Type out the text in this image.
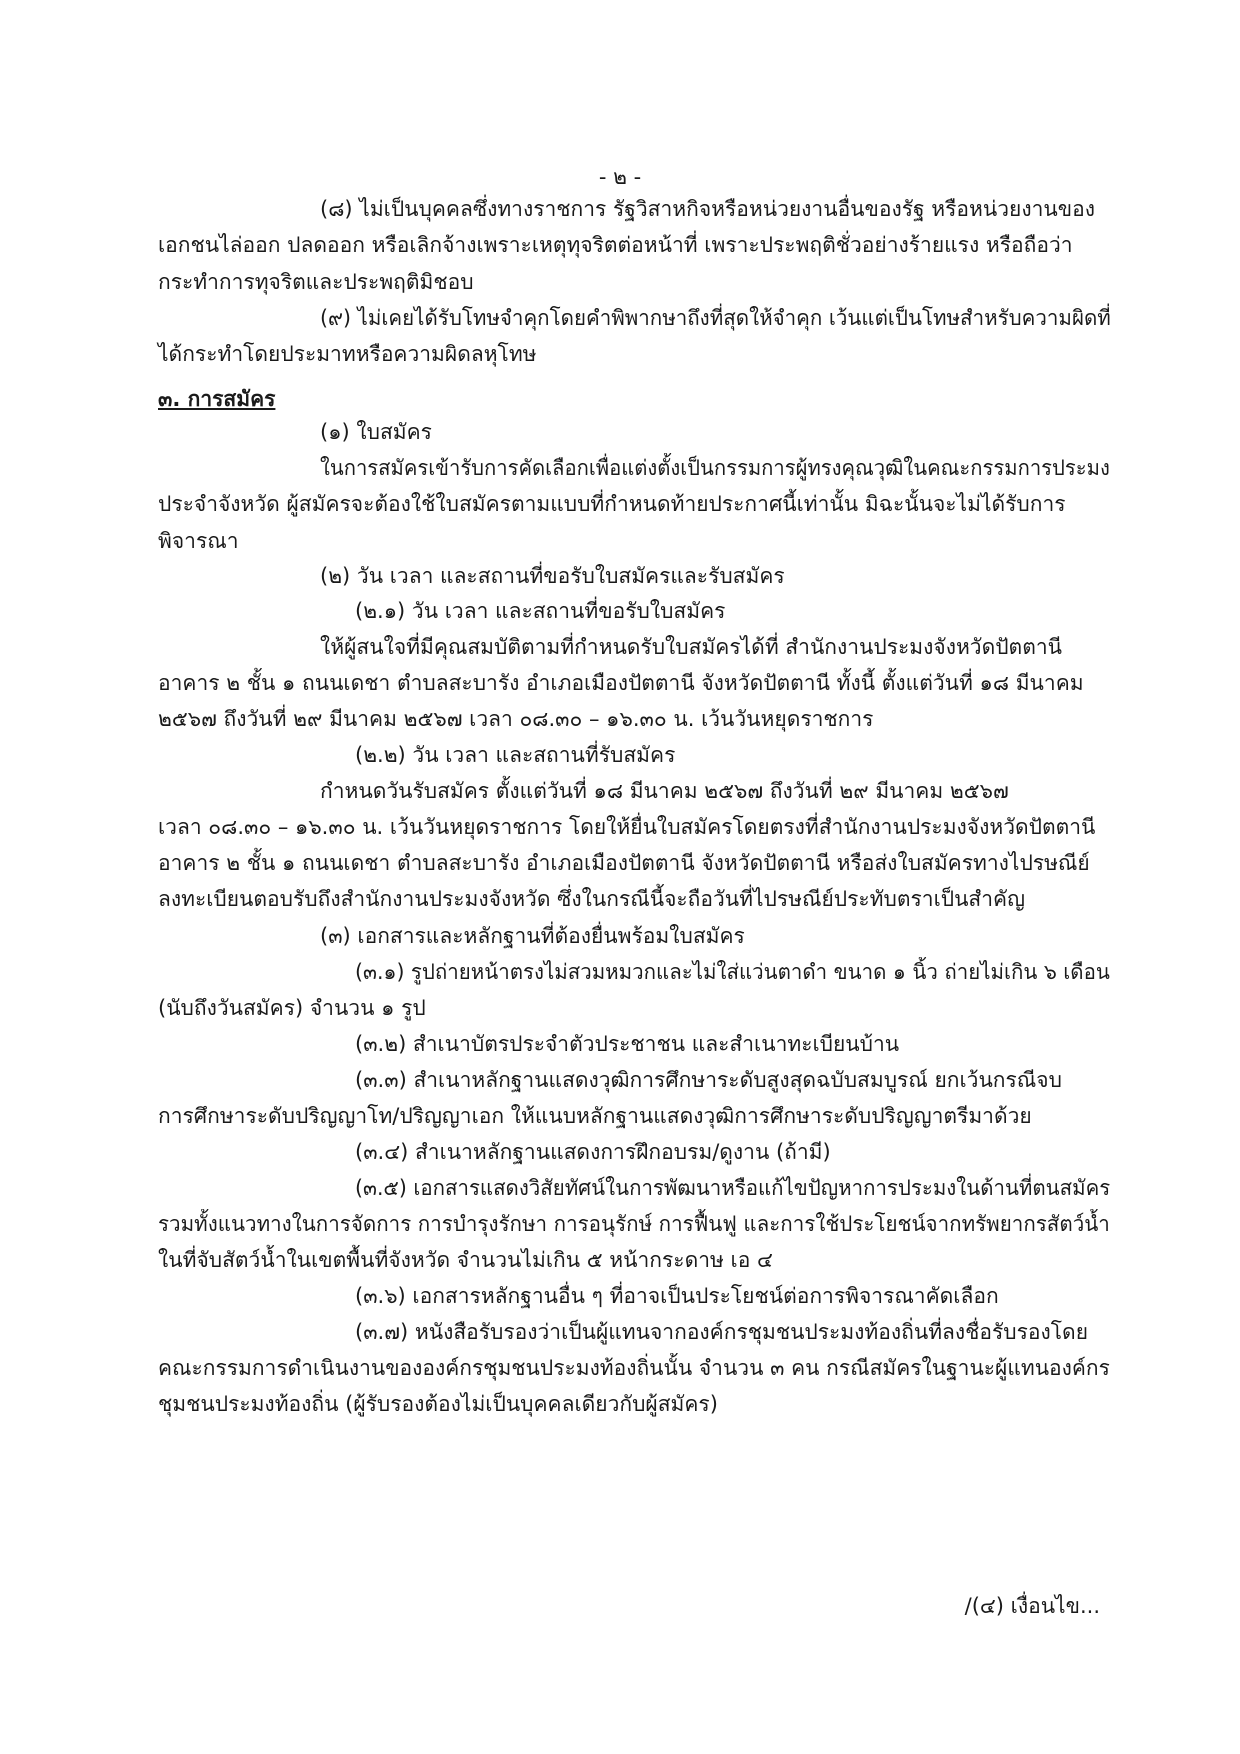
- ๒ -
(๘) ไม่เป็นบุคคลซึ่งทางราชการ รัฐวิสาหกิจหรือหน่วยงานอื่นของรัฐ หรือหน่วยงานของ
เอกชนไล่ออก ปลดออก หรือเลิกจ้างเพราะเหตุทุจริตต่อหน้าที่ เพราะประพฤติชั่วอย่างร้ายแรง หรือถือว่า
กระทำการทุจริตและประพฤติมิชอบ
(๙) ไม่เคยได้รับโทษจำคุกโดยคำพิพากษาถึงที่สุดให้จำคุก เว้นแต่เป็นโทษสำหรับความผิดที่
ได้กระทำโดยประมาทหรือความผิดลหุโทษ
๓. การสมัคร
(๑) ใบสมัคร
ในการสมัครเข้ารับการคัดเลือกเพื่อแต่งตั้งเป็นกรรมการผู้ทรงคุณวุฒิในคณะกรรมการประมง
ประจำจังหวัด ผู้สมัครจะต้องใช้ใบสมัครตามแบบที่กำหนดท้ายประกาศนี้เท่านั้น มิฉะนั้นจะไม่ได้รับการ
พิจารณา
(๒) วัน เวลา และสถานที่ขอรับใบสมัครและรับสมัคร
(๒.๑) วัน เวลา และสถานที่ขอรับใบสมัคร
ให้ผู้สนใจที่มีคุณสมบัติตามที่กำหนดรับใบสมัครได้ที่ สำนักงานประมงจังหวัดปัตตานี
อาคาร ๒ ชั้น ๑ ถนนเดชา ตำบลสะบารัง อำเภอเมืองปัตตานี จังหวัดปัตตานี ทั้งนี้ ตั้งแต่วันที่ ๑๘ มีนาคม
๒๕๖๗ ถึงวันที่ ๒๙ มีนาคม ๒๕๖๗ เวลา ๐๘.๓๐ – ๑๖.๓๐ น. เว้นวันหยุดราชการ
(๒.๒) วัน เวลา และสถานที่รับสมัคร
กำหนดวันรับสมัคร ตั้งแต่วันที่ ๑๘ มีนาคม ๒๕๖๗ ถึงวันที่ ๒๙ มีนาคม ๒๕๖๗
เวลา ๐๘.๓๐ – ๑๖.๓๐ น. เว้นวันหยุดราชการ โดยให้ยื่นใบสมัครโดยตรงที่สำนักงานประมงจังหวัดปัตตานี
อาคาร ๒ ชั้น ๑ ถนนเดชา ตำบลสะบารัง อำเภอเมืองปัตตานี จังหวัดปัตตานี หรือส่งใบสมัครทางไปรษณีย์
ลงทะเบียนตอบรับถึงสำนักงานประมงจังหวัด ซึ่งในกรณีนี้จะถือวันที่ไปรษณีย์ประทับตราเป็นสำคัญ
(๓) เอกสารและหลักฐานที่ต้องยื่นพร้อมใบสมัคร
(๓.๑) รูปถ่ายหน้าตรงไม่สวมหมวกและไม่ใส่แว่นตาดำ ขนาด ๑ นิ้ว ถ่ายไม่เกิน ๖ เดือน
(นับถึงวันสมัคร) จำนวน ๑ รูป
(๓.๒) สำเนาบัตรประจำตัวประชาชน และสำเนาทะเบียนบ้าน
(๓.๓) สำเนาหลักฐานแสดงวุฒิการศึกษาระดับสูงสุดฉบับสมบูรณ์ ยกเว้นกรณีจบ
การศึกษาระดับปริญญาโท/ปริญญาเอก ให้แนบหลักฐานแสดงวุฒิการศึกษาระดับปริญญาตรีมาด้วย
(๓.๔) สำเนาหลักฐานแสดงการฝึกอบรม/ดูงาน (ถ้ามี)
(๓.๕) เอกสารแสดงวิสัยทัศน์ในการพัฒนาหรือแก้ไขปัญหาการประมงในด้านที่ตนสมัคร
รวมทั้งแนวทางในการจัดการ การบำรุงรักษา การอนุรักษ์ การฟื้นฟู และการใช้ประโยชน์จากทรัพยากรสัตว์น้ำ
ในที่จับสัตว์น้ำในเขตพื้นที่จังหวัด จำนวนไม่เกิน ๕ หน้ากระดาษ เอ ๔
(๓.๖) เอกสารหลักฐานอื่น ๆ ที่อาจเป็นประโยชน์ต่อการพิจารณาคัดเลือก
(๓.๗) หนังสือรับรองว่าเป็นผู้แทนจากองค์กรชุมชนประมงท้องถิ่นที่ลงชื่อรับรองโดย
คณะกรรมการดำเนินงานขององค์กรชุมชนประมงท้องถิ่นนั้น จำนวน ๓ คน กรณีสมัครในฐานะผู้แทนองค์กร
ชุมชนประมงท้องถิ่น (ผู้รับรองต้องไม่เป็นบุคคลเดียวกับผู้สมัคร)
/(๔) เงื่อนไข...
